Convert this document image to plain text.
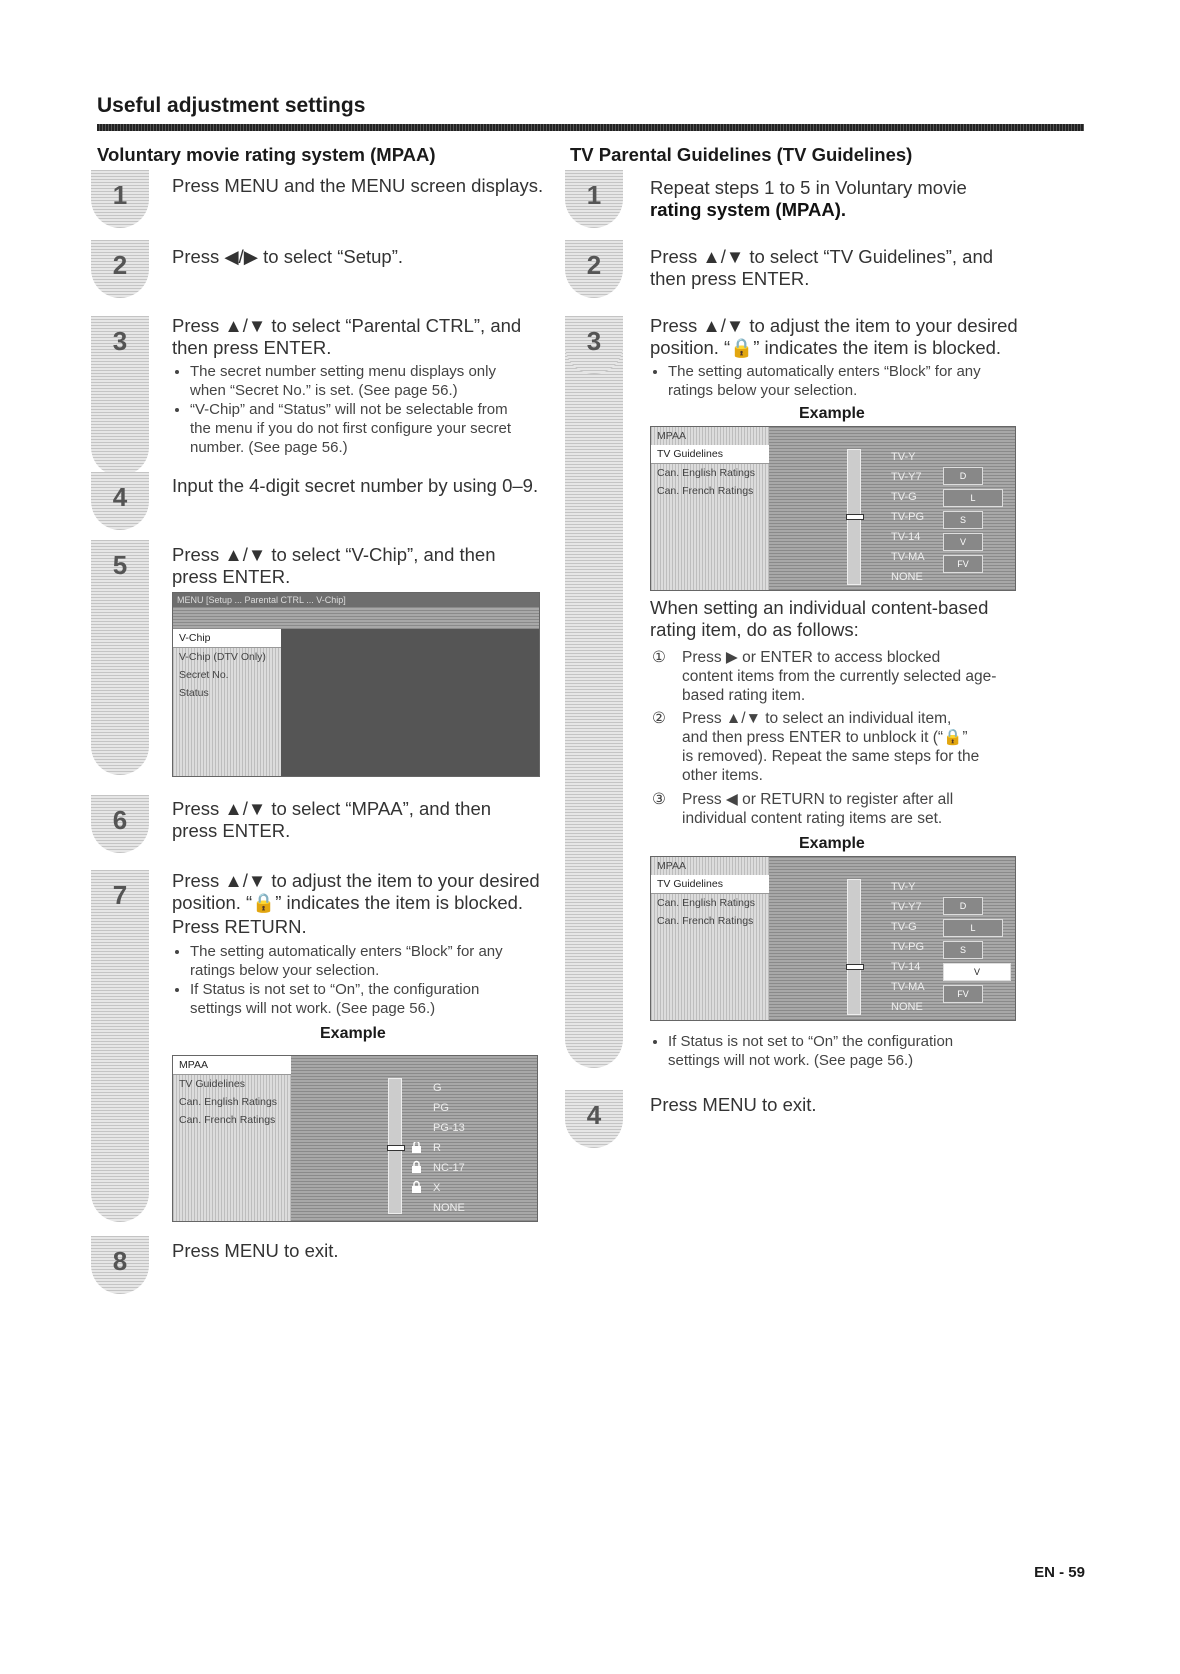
Useful adjustment settings
Voluntary movie rating system (MPAA)
1
2
3
4
5
6
7
8
Press MENU and the MENU screen displays.
Press ◀/▶ to select “Setup”.
Press ▲/▼ to select “Parental CTRL”, and
then press ENTER.
• The secret number setting menu displays only
when “Secret No.” is set. (See page 56.)
• “V-Chip” and “Status” will not be selectable from
the menu if you do not first configure your secret
number. (See page 56.)
Input the 4-digit secret number by using 0–9.
Press ▲/▼ to select “V-Chip”, and then
press ENTER.
MENU [Setup ... Parental CTRL ... V-Chip]
V-Chip
V-Chip (DTV Only)
Secret No.
Status
Press ▲/▼ to select “MPAA”, and then
press ENTER.
Press ▲/▼ to adjust the item to your desired
position. “🔒” indicates the item is blocked.
Press RETURN.
• The setting automatically enters “Block” for any
ratings below your selection.
• If Status is not set to “On”, the configuration
settings will not work. (See page 56.)
Example
MPAA
TV Guidelines
Can. English Ratings
Can. French Ratings
G
PG
PG-13
R
NC-17
X
NONE
Press MENU to exit.
TV Parental Guidelines (TV Guidelines)
1
2
3
4
Repeat steps 1 to 5 in Voluntary movie
rating system (MPAA).
Press ▲/▼ to select “TV Guidelines”, and
then press ENTER.
Press ▲/▼ to adjust the item to your desired
position. “🔒” indicates the item is blocked.
• The setting automatically enters “Block” for any
ratings below your selection.
Example
MPAA
TV Guidelines
Can. English Ratings
Can. French Ratings
TV-Y
TV-Y7
TV-G
TV-PG
TV-14
TV-MA
NONE
D L S V FV
When setting an individual content-based
rating item, do as follows:
① Press ▶ or ENTER to access blocked
content items from the currently selected age-
based rating item.
② Press ▲/▼ to select an individual item,
and then press ENTER to unblock it (“🔒”
is removed). Repeat the same steps for the
other items.
③ Press ◀ or RETURN to register after all
individual content rating items are set.
Example
MPAA
TV Guidelines
Can. English Ratings
Can. French Ratings
TV-Y
TV-Y7
TV-G
TV-PG
TV-14
TV-MA
NONE
D L S V FV
• If Status is not set to “On” the configuration
settings will not work. (See page 56.)
Press MENU to exit.
EN - 59
